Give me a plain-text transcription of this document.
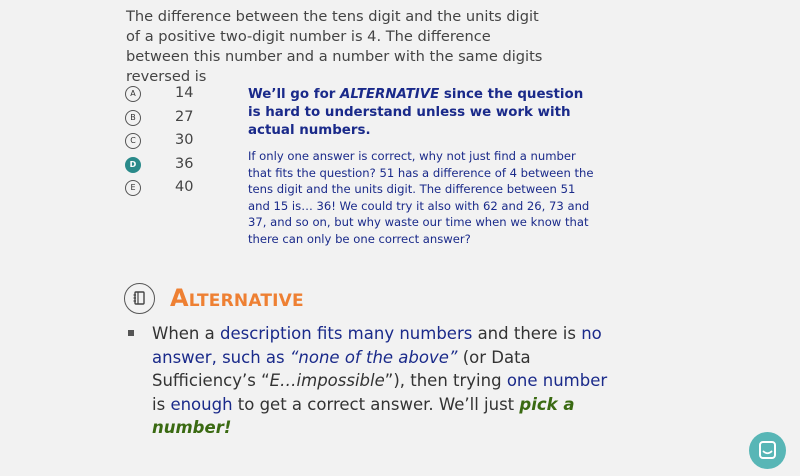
The difference between the tens digit and the units digit of a positive two-digit number is 4. The difference between this number and a number with the same digits reversed is
A	14
B	27
C	30
D	36
E	40
We’ll go for ALTERNATIVE since the question is hard to understand unless we work with actual numbers.
If only one answer is correct, why not just find a number that fits the question? 51 has a difference of 4 between the tens digit and the units digit. The difference between 51 and 15 is… 36! We could try it also with 62 and 26, 73 and 37, and so on, but why waste our time when we know that there can only be one correct answer?
ALTERNATIVE
When a description fits many numbers and there is no answer, such as “none of the above” (or Data Sufficiency’s “E…impossible”), then trying one number is enough to get a correct answer. We’ll just pick a number!
